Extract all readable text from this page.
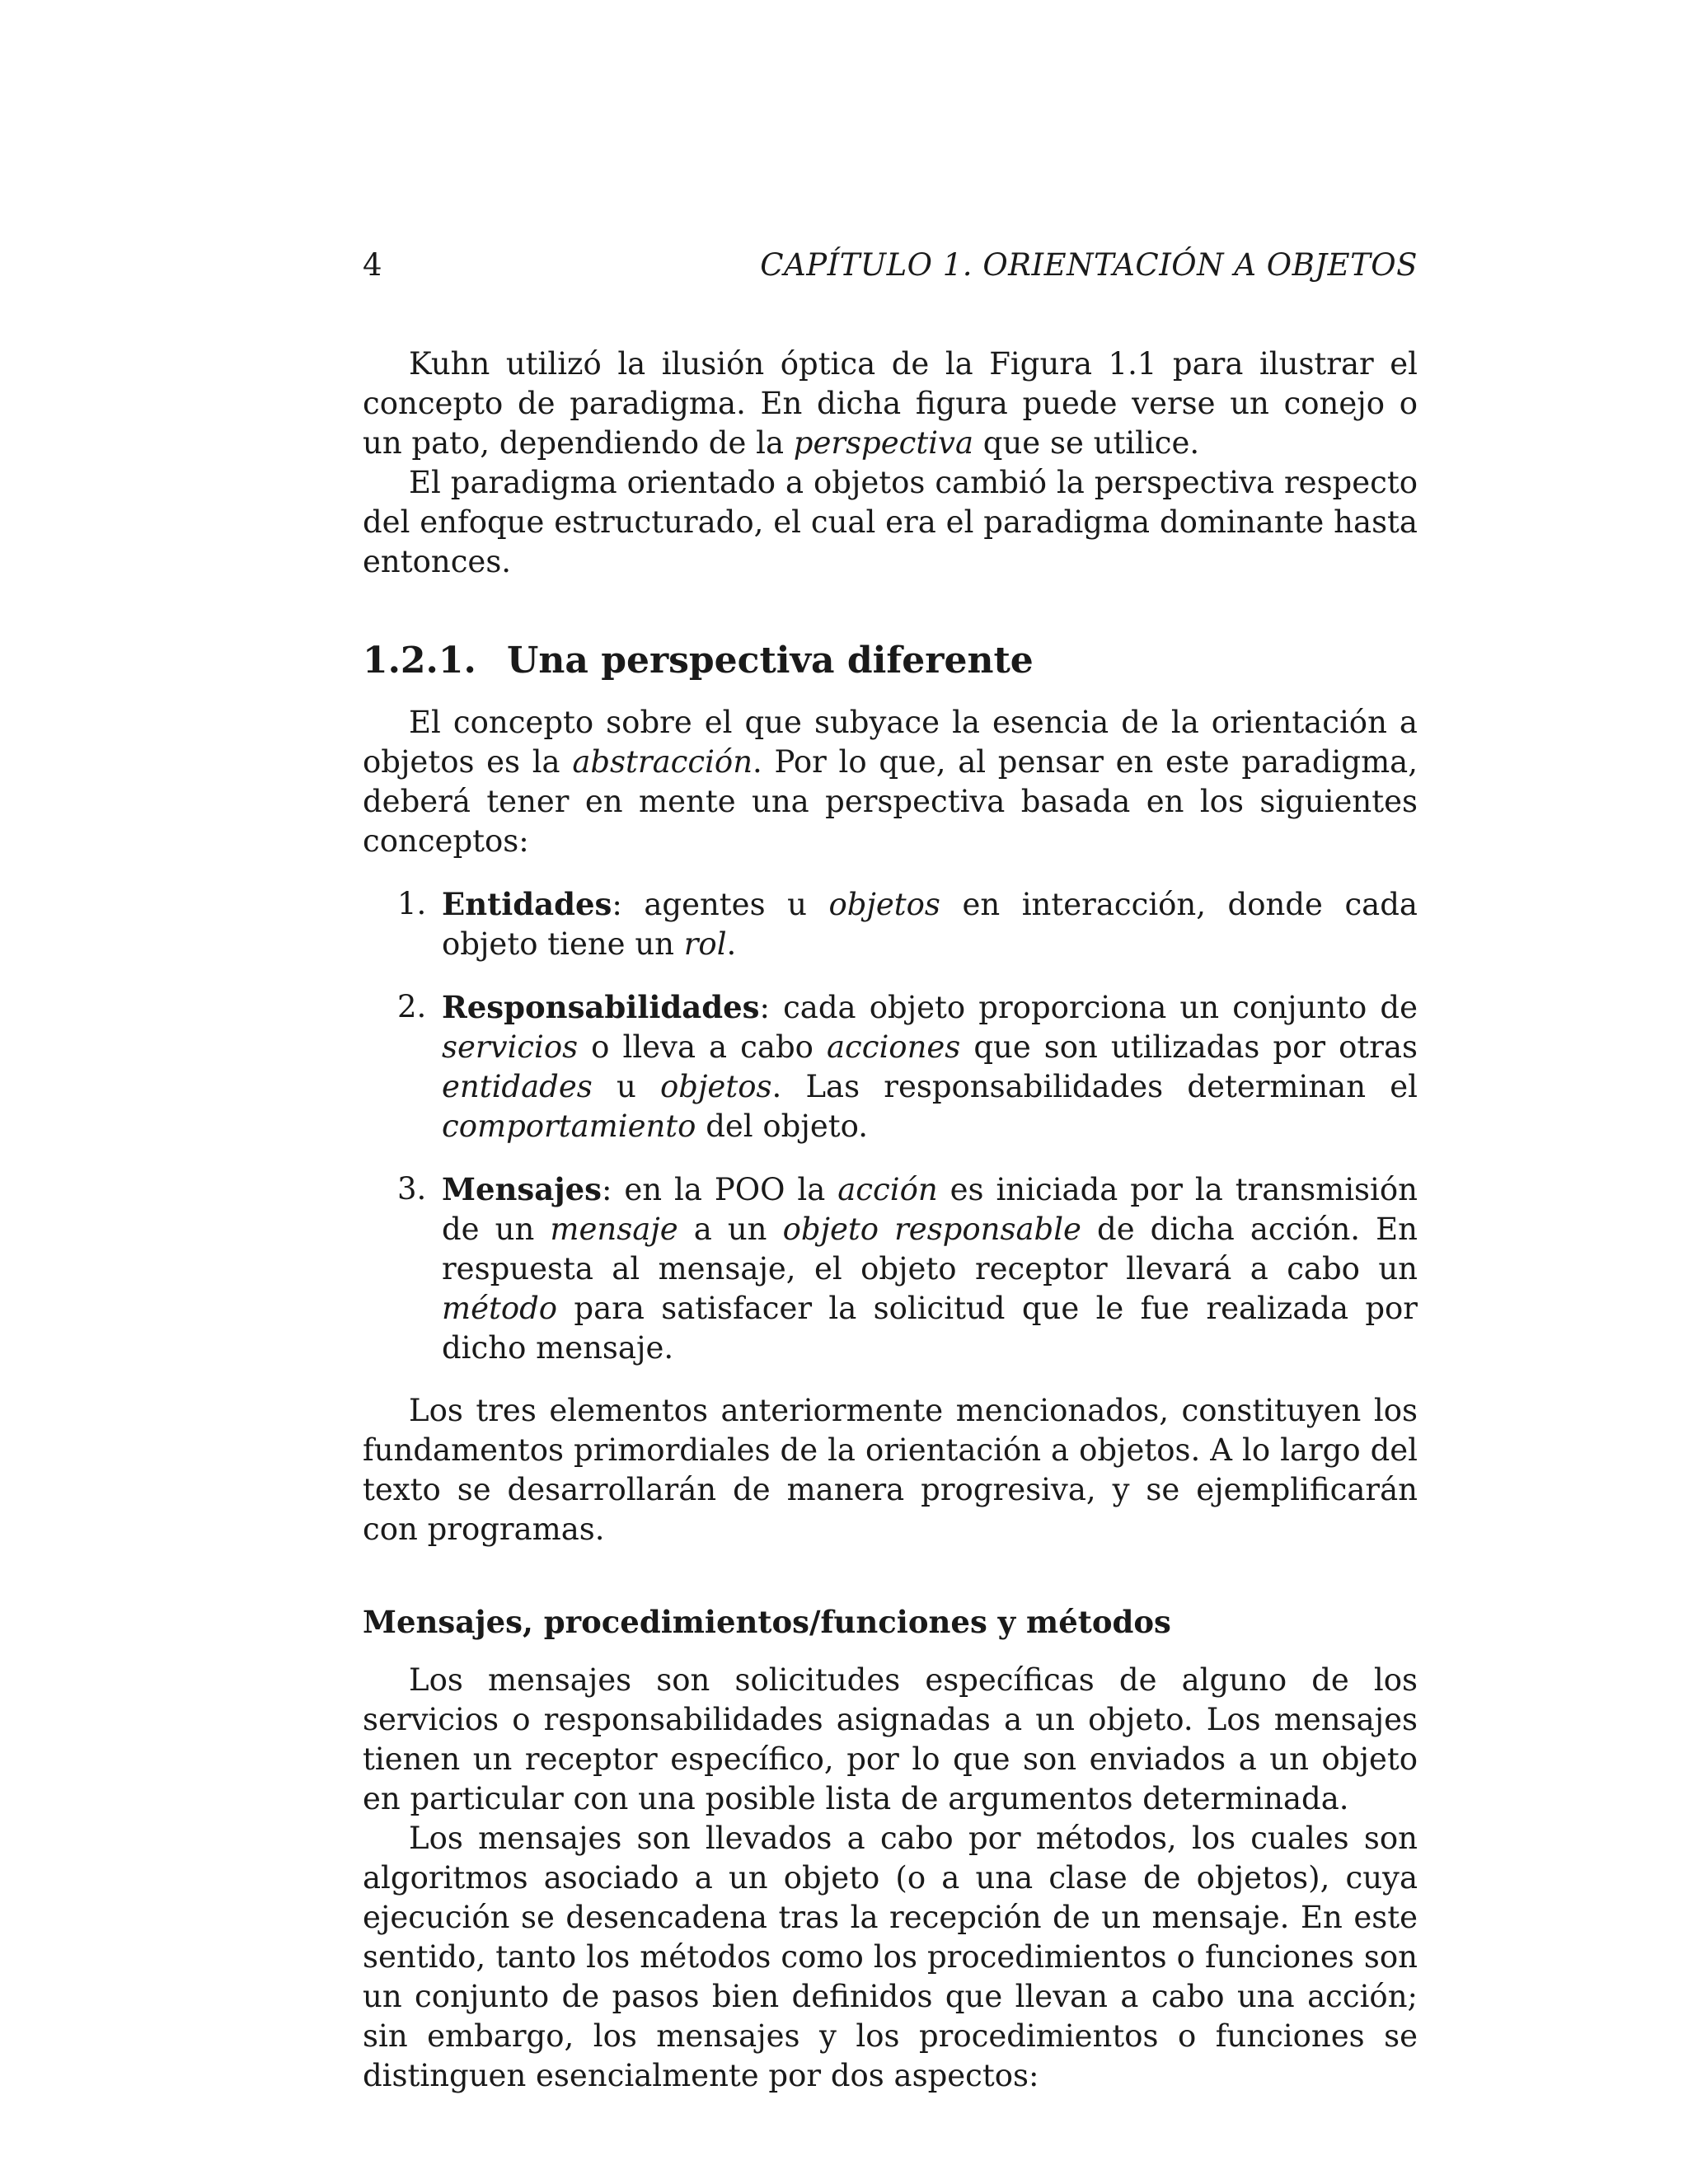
4	CAPÍTULO 1. ORIENTACIÓN A OBJETOS

Kuhn utilizó la ilusión óptica de la Figura 1.1 para ilustrar el concepto de paradigma. En dicha figura puede verse un conejo o un pato, dependiendo de la perspectiva que se utilice.

El paradigma orientado a objetos cambió la perspectiva respecto del enfoque estructurado, el cual era el paradigma dominante hasta entonces.

1.2.1. Una perspectiva diferente

El concepto sobre el que subyace la esencia de la orientación a objetos es la abstracción. Por lo que, al pensar en este paradigma, deberá tener en mente una perspectiva basada en los siguientes conceptos:

1. Entidades: agentes u objetos en interacción, donde cada objeto tiene un rol.
2. Responsabilidades: cada objeto proporciona un conjunto de servicios o lleva a cabo acciones que son utilizadas por otras entidades u objetos. Las responsabilidades determinan el comportamiento del objeto.
3. Mensajes: en la POO la acción es iniciada por la transmisión de un mensaje a un objeto responsable de dicha acción. En respuesta al mensaje, el objeto receptor llevará a cabo un método para satisfacer la solicitud que le fue realizada por dicho mensaje.

Los tres elementos anteriormente mencionados, constituyen los fundamentos primordiales de la orientación a objetos. A lo largo del texto se desarrollarán de manera progresiva, y se ejemplificarán con programas.

Mensajes, procedimientos/funciones y métodos

Los mensajes son solicitudes específicas de alguno de los servicios o responsabilidades asignadas a un objeto. Los mensajes tienen un receptor específico, por lo que son enviados a un objeto en particular con una posible lista de argumentos determinada.

Los mensajes son llevados a cabo por métodos, los cuales son algoritmos asociado a un objeto (o a una clase de objetos), cuya ejecución se desencadena tras la recepción de un mensaje. En este sentido, tanto los métodos como los procedimientos o funciones son un conjunto de pasos bien definidos que llevan a cabo una acción; sin embargo, los mensajes y los procedimientos o funciones se distinguen esencialmente por dos aspectos:
